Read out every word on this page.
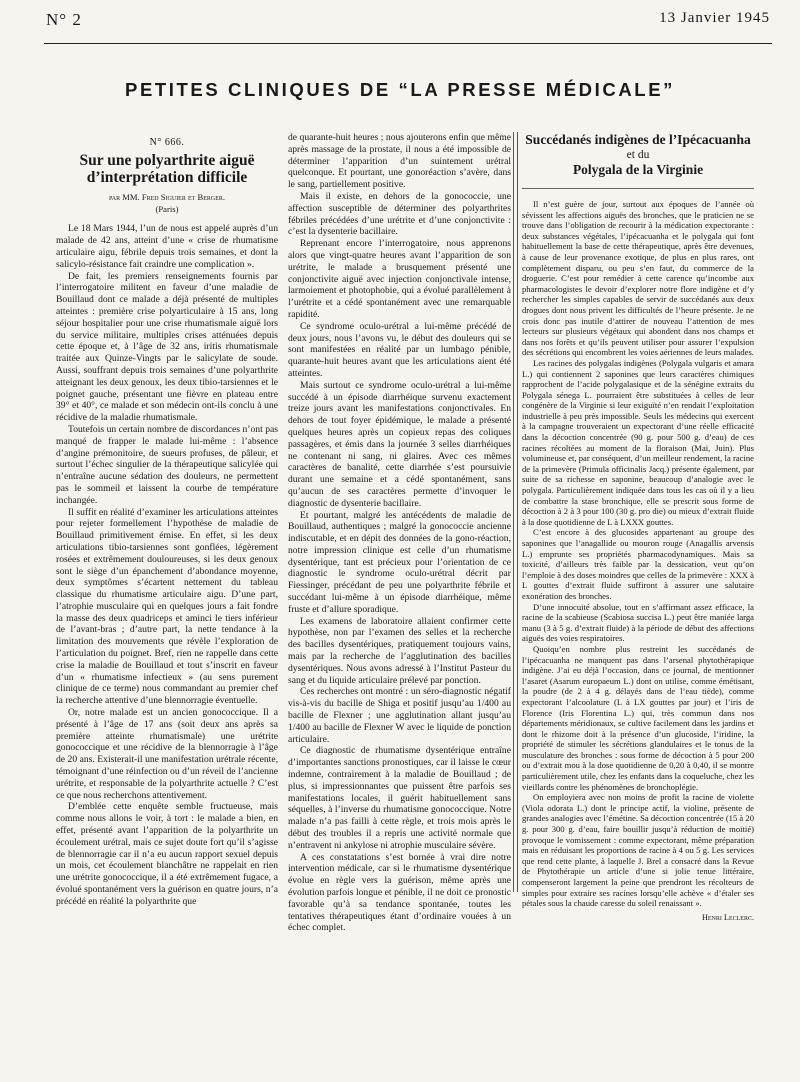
N° 2	13 Janvier 1945
PETITES CLINIQUES DE “LA PRESSE MÉDICALE”
N° 666.
Sur une polyarthrite aiguë
d’interprétation difficile
par MM. Fred Siguier et Berger.
(Paris)

Le 18 Mars 1944, l’un de nous est appelé auprès d’un malade de 42 ans, atteint d’une « crise de rhumatisme articulaire aigu, fébrile depuis trois semaines, et dont la salicylo-résistance fait craindre une complication ».

De fait, les premiers renseignements fournis par l’interrogatoire militent en faveur d’une maladie de Bouillaud dont ce malade a déjà présenté de multiples atteintes : première crise polyarticulaire à 15 ans, long séjour hospitalier pour une crise rhumatismale aiguë lors du service militaire, multiples crises atténuées depuis cette époque et, à l’âge de 32 ans, iritis rhumatismale traitée aux Quinze-Vingts par le salicylate de soude. Aussi, souffrant depuis trois semaines d’une polyarthrite atteignant les deux genoux, les deux tibio-tarsiennes et le poignet gauche, présentant une fièvre en plateau entre 39° et 40°, ce malade et son médecin ont-ils conclu à une récidive de la maladie rhumatismale.

Toutefois un certain nombre de discordances n’ont pas manqué de frapper le malade lui-même : l’absence d’angine prémonitoire, de sueurs profuses, de pâleur, et surtout l’échec singulier de la thérapeutique salicylée qui n’entraîne aucune sédation des douleurs, ne permettent pas le sommeil et laissent la courbe de température inchangée.

Il suffit en réalité d’examiner les articulations atteintes pour rejeter formellement l’hypothèse de maladie de Bouillaud primitivement émise. En effet, si les deux articulations tibio-tarsiennes sont gonflées, légèrement rosées et extrêmement douloureuses, si les deux genoux sont le siège d’un épanchement d’abondance moyenne, deux symptômes s’écartent nettement du tableau classique du rhumatisme articulaire aigu. D’une part, l’atrophie musculaire qui en quelques jours a fait fondre la masse des deux quadriceps et aminci le tiers inférieur de l’avant-bras ; d’autre part, la nette tendance à la limitation des mouvements que révèle l’exploration de l’articulation du poignet. Bref, rien ne rappelle dans cette crise la maladie de Bouillaud et tout s’inscrit en faveur d’un « rhumatisme infectieux » (au sens purement clinique de ce terme) nous commandant au premier chef la recherche attentive d’une blennorragie éventuelle.

Or, notre malade est un ancien gonococcique. Il a présenté à l’âge de 17 ans (soit deux ans après sa première atteinte rhumatismale) une urétrite gonococcique et une récidive de la blennorragie à l’âge de 20 ans. Existerait-il une manifestation urétrale récente, témoignant d’une réinfection ou d’un réveil de l’ancienne urétrite, et responsable de la polyarthrite actuelle ? C’est ce que nous recherchons attentivement.

D’emblée cette enquête semble fructueuse, mais comme nous allons le voir, à tort : le malade a bien, en effet, présenté avant l’apparition de la polyarthrite un écoulement urétral, mais ce sujet doute fort qu’il s’agisse de blennorragie car il n’a eu aucun rapport sexuel depuis un mois, cet écoulement blanchâtre ne rappelait en rien une urétrite gonococcique, il a été extrêmement fugace, a évolué spontanément vers la guérison en quatre jours, n’a précédé en réalité la polyarthrite que

de quarante-huit heures ; nous ajouterons enfin que même après massage de la prostate, il nous a été impossible de déterminer l’apparition d’un suintement urétral quelconque. Et pourtant, une gonoréaction s’avère, dans le sang, partiellement positive.

Mais il existe, en dehors de la gonococcie, une affection susceptible de déterminer des polyarthrites fébriles précédées d’une urétrite et d’une conjonctivite : c’est la dysenterie bacillaire.

Reprenant encore l’interrogatoire, nous apprenons alors que vingt-quatre heures avant l’apparition de son urétrite, le malade a brusquement présenté une conjonctivite aiguë avec injection conjonctivale intense, larmoiement et photophobie, qui a évolué parallèlement à l’urétrite et a cédé spontanément avec une remarquable rapidité.

Ce syndrome oculo-urétral a lui-même précédé de deux jours, nous l’avons vu, le début des douleurs qui se sont manifestées en réalité par un lumbago pénible, quarante-huit heures avant que les articulations aient été atteintes.

Mais surtout ce syndrome oculo-urétral a lui-même succédé à un épisode diarrhéique survenu exactement treize jours avant les manifestations conjonctivales. En dehors de tout foyer épidémique, le malade a présenté quelques heures après un copieux repas des coliques passagères, et émis dans la journée 3 selles diarrhéiques ne contenant ni sang, ni glaires. Avec ces mêmes caractères de banalité, cette diarrhée s’est poursuivie durant une semaine et a cédé spontanément, sans qu’aucun de ses caractères permette d’invoquer le diagnostic de dysenterie bacillaire.

Et pourtant, malgré les antécédents de maladie de Bouillaud, authentiques ; malgré la gonococcie ancienne indiscutable, et en dépit des données de la gono-réaction, notre impression clinique est celle d’un rhumatisme dysentérique, tant est précieux pour l’orientation de ce diagnostic le syndrome oculo-urétral décrit par Fiessinger, précédant de peu une polyarthrite fébrile et succédant lui-même à un épisode diarrhéique, même fruste et d’allure sporadique.

Les examens de laboratoire allaient confirmer cette hypothèse, non par l’examen des selles et la recherche des bacilles dysentériques, pratiquement toujours vains, mais par la recherche de l’agglutination des bacilles dysentériques. Nous avons adressé à l’Institut Pasteur du sang et du liquide articulaire prélevé par ponction.

Ces recherches ont montré : un séro-diagnostic négatif vis-à-vis du bacille de Shiga et positif jusqu’au 1/400 au bacille de Flexner ; une agglutination allant jusqu’au 1/400 au bacille de Flexner W avec le liquide de ponction articulaire.

Ce diagnostic de rhumatisme dysentérique entraîne d’importantes sanctions pronostiques, car il laisse le cœur indemne, contrairement à la maladie de Bouillaud ; de plus, si impressionnantes que puissent être parfois ses manifestations locales, il guérit habituellement sans séquelles, à l’inverse du rhumatisme gonococcique. Notre malade n’a pas failli à cette règle, et trois mois après le début des troubles il a repris une activité normale que n’entravent ni ankylose ni atrophie musculaire sévère.

A ces constatations s’est bornée à vrai dire notre intervention médicale, car si le rhumatisme dysentérique évolue en règle vers la guérison, même après une évolution parfois longue et pénible, il ne doit ce pronostic favorable qu’à sa tendance spontanée, toutes les tentatives thérapeutiques étant d’ordinaire vouées à un échec complet.

Succédanés indigènes de l’Ipécacuanha
et du
Polygala de la Virginie

Il n’est guère de jour, surtout aux époques de l’année où sévissent les affections aiguës des bronches, que le praticien ne se trouve dans l’obligation de recourir à la médication expectorante : deux substances végétales, l’ipécacuanha et le polygala qui font habituellement la base de cette thérapeutique, après être devenues, à cause de leur provenance exotique, de plus en plus rares, ont complètement disparu, ou peu s’en faut, du commerce de la droguerie. C’est pour remédier à cette carence qu’incombe aux pharmacologistes le devoir d’explorer notre flore indigène et d’y rechercher les simples capables de servir de succédanés aux deux drogues dont nous privent les difficultés de l’heure présente. Je ne crois donc pas inutile d’attirer de nouveau l’attention de mes lecteurs sur plusieurs végétaux qui abondent dans nos champs et dans nos forêts et qu’ils peuvent utiliser pour assurer l’expulsion des sécrétions qui encombrent les voies aériennes de leurs malades.

Les racines des polygalas indigènes (Polygala vulgaris et amara L.) qui contiennent 2 saponines que leurs caractères chimiques rapprochent de l’acide polygalasique et de la sénégine extraits du Polygala sénega L. pourraient être substituées à celles de leur congénère de la Virginie si leur exiguïté n’en rendait l’exploitation industrielle à peu près impossible. Seuls les médecins qui exercent à la campagne trouveraient un expectorant d’une réelle efficacité dans la décoction concentrée (90 g. pour 500 g. d’eau) de ces racines récoltées au moment de la floraison (Mai, Juin). Plus volumineuse et, par conséquent, d’un meilleur rendement, la racine de la primevère (Primula officinalis Jacq.) présente également, par suite de sa richesse en saponine, beaucoup d’analogie avec le polygala. Particulièrement indiquée dans tous les cas où il y a lieu de combattre la stase bronchique, elle se prescrit sous forme de décoction à 2 à 3 pour 100 (30 g. pro die) ou mieux d’extrait fluide à la dose quotidienne de L à LXXX gouttes.

C’est encore à des glucosides appartenant au groupe des saponines que l’anagallide ou mouron rouge (Anagallis arvensis L.) emprunte ses propriétés pharmacodynamiques. Mais sa toxicité, d’ailleurs très faible par la dessication, veut qu’on l’emploie à des doses moindres que celles de la primevère : XXX à L gouttes d’extrait fluide suffiront à assurer une salutaire exonération des bronches.

D’une innocuité absolue, tout en s’affirmant assez efficace, la racine de la scabieuse (Scabiosa succisa L.) peut être maniée larga manu (3 à 5 g. d’extrait fluide) à la période de début des affections aiguës des voies respiratoires.

Quoiqu’en nombre plus restreint les succédanés de l’ipécacuanha ne manquent pas dans l’arsenal phytothérapique indigène. J’ai eu déjà l’occasion, dans ce journal, de mentionner l’asaret (Asarum europaeum L.) dont on utilise, comme émétisant, la poudre (de 2 à 4 g. délayés dans de l’eau tiède), comme expectorant l’alcoolature (L à LX gouttes par jour) et l’iris de Florence (Iris Florentina L.) qui, très commun dans nos départements méridionaux, se cultive facilement dans les jardins et dont le rhizome doit à la présence d’un glucoside, l’iridine, la propriété de stimuler les sécrétions glandulaires et le tonus de la musculature des bronches : sous forme de décoction à 5 pour 200 ou d’extrait mou à la dose quotidienne de 0,20 à 0,40, il se montre particulièrement utile, chez les enfants dans la coqueluche, chez les vieillards contre les phénomènes de bronchoplégie.

On employiera avec non moins de profit la racine de violette (Viola odorata L.) dont le principe actif, la violine, présente de grandes analogies avec l’émétine. Sa décoction concentrée (15 à 20 g. pour 300 g. d’eau, faire bouillir jusqu’à réduction de moitié) provoque le vomissement : comme expectorant, même préparation mais en réduisant les proportions de racine à 4 ou 5 g. Les services que rend cette plante, à laquelle J. Brel a consacré dans la Revue de Phytothérapie un article d’une si jolie tenue littéraire, compenseront largement la peine que prendront les récolteurs de simples pour extraire ses racines lorsqu’elle achève « d’étaler ses pétales sous la chaude caresse du soleil renaissant ».

Henri Leclerc.
